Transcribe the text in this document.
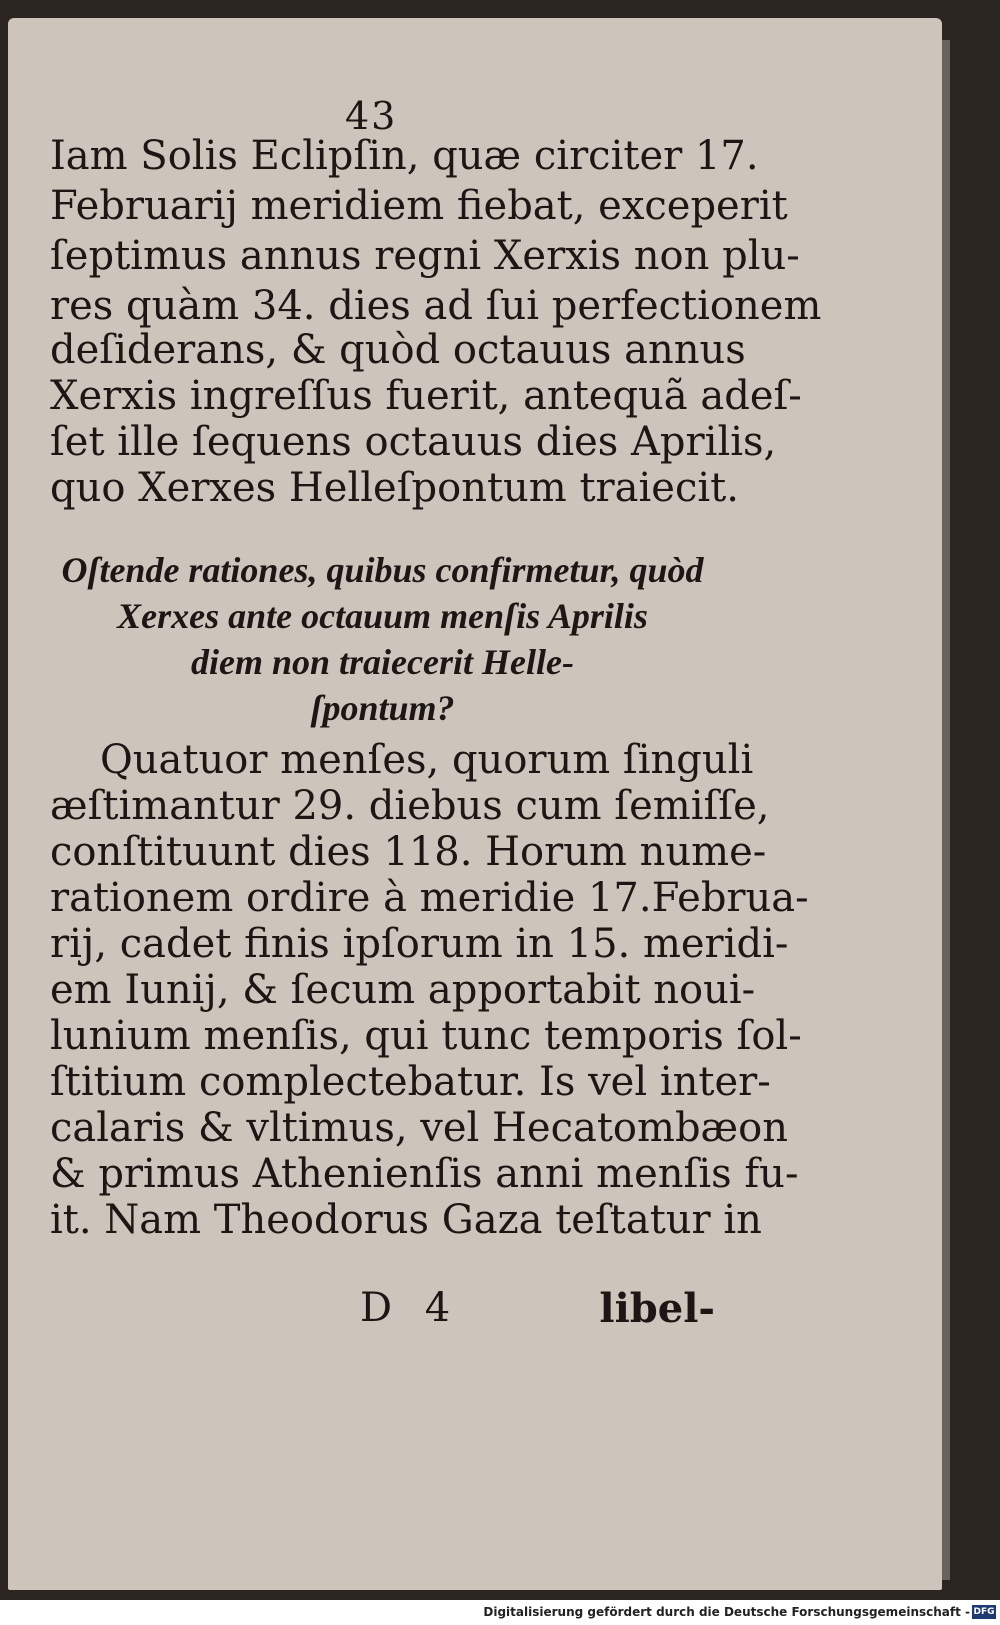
43
Iam Solis Eclipſin, quæ circiter 17.
Februarij meridiem fiebat, exceperit
ſeptimus annus regni Xerxis non plu-
res quàm 34. dies ad ſui perfectionem
deſiderans, & quòd octauus annus
Xerxis ingreſſus fuerit, antequã adeſ-
ſet ille ſequens octauus dies Aprilis,
quo Xerxes Helleſpontum traiecit.
Oſtende rationes, quibus confirmetur, quòd
Xerxes ante octauum menſis Aprilis
diem non traiecerit Helle-
ſpontum?
Quatuor menſes, quorum ſinguli
æſtimantur 29. diebus cum ſemiſſe,
conſtituunt dies 118. Horum nume-
rationem ordire à meridie 17.Februa-
rij, cadet finis ipſorum in 15. meridi-
em Iunij, & ſecum apportabit noui-
lunium menſis, qui tunc temporis ſol-
ſtitium complectebatur. Is vel inter-
calaris & vltimus, vel Hecatombæon
& primus Athenienſis anni menſis fu-
it. Nam Theodorus Gaza teſtatur in
D 4	libel-
Digitalisierung gefördert durch die Deutsche Forschungsgemeinschaft - DFG
